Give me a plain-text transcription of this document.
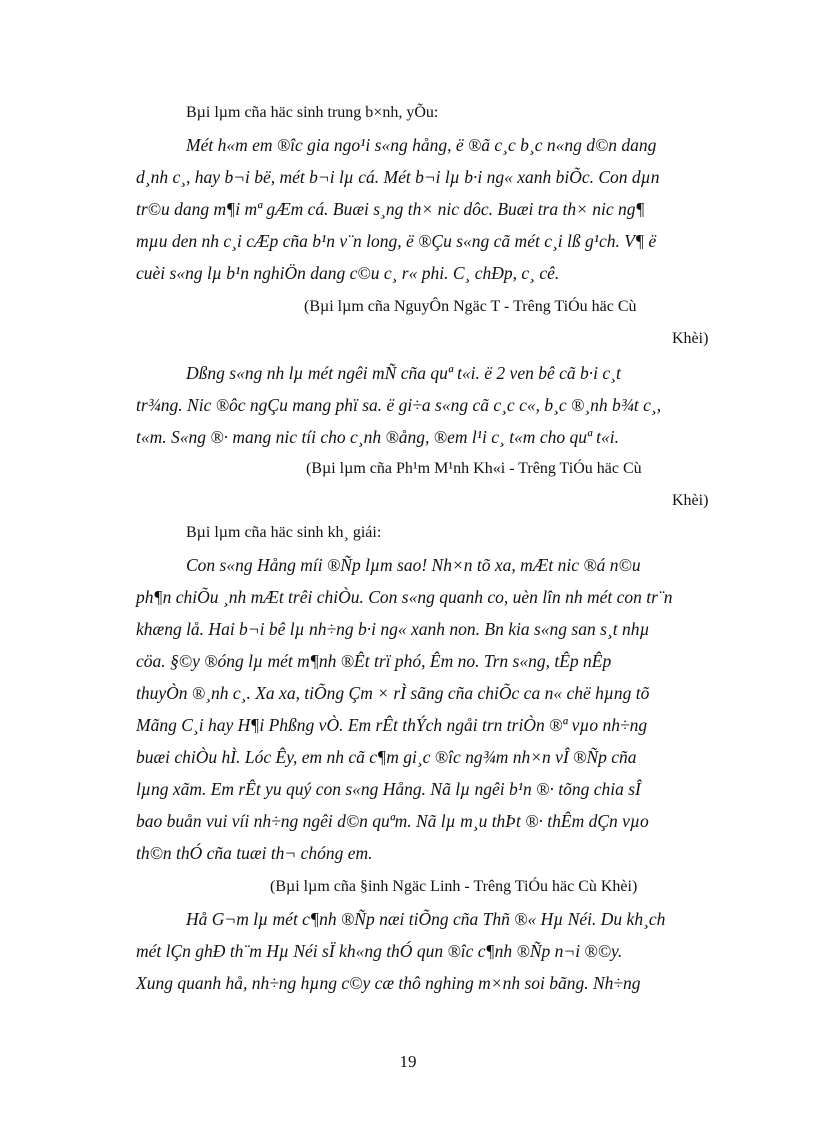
Bµi lµm cña häc sinh trung b×nh, yÕu:
Mét h«m em ®îc gia ngo¹i s«ng hång, ë ®ã c¸c b¸c n«ng d©n dang
d¸nh c¸, hay b¬i bë, mét b¬i lµ cá. Mét b¬i lµ b·i ng« xanh biÕc. Con dµn
tr©u dang m¶i mª gÆm cá. Buæi s¸ng th× nic dôc. Buæi tra th× nic ng¶
mµu den nh c¸i cÆp cña b¹n v¨n long, ë ®Çu s«ng cã mét c¸i lß g¹ch. V¶ ë
cuèi s«ng lµ b¹n nghiÖn dang c©u c¸ r« phi. C¸ chÐp, c¸ cê.
(Bµi lµm cña NguyÔn Ngäc T - Trêng TiÓu häc Cù
Khèi)
Dßng s«ng nh lµ mét ngêi mÑ cña quª t«i. ë 2 ven bê cã b·i c¸t
tr¾ng. Nic ®ôc ngÇu mang phï sa. ë gi÷a s«ng cã c¸c c«, b¸c ®¸nh b¾t c¸,
t«m. S«ng ®· mang nic tíi cho c¸nh ®ång, ®em l¹i c¸ t«m cho quª t«i.
(Bµi lµm cña Ph¹m M¹nh Kh«i - Trêng TiÓu häc Cù
Khèi)
Bµi lµm cña häc sinh kh¸ giái:
Con s«ng Hång míi ®Ñp lµm sao! Nh×n tõ xa, mÆt nic ®á n©u
ph¶n chiÕu ¸nh mÆt trêi chiÒu. Con s«ng quanh co, uèn lîn nh mét con tr¨n
khæng lå. Hai b¬i bê lµ nh÷ng b·i ng« xanh non. Bn kia s«ng san s¸t nhµ
cöa. §©y ®óng lµ mét m¶nh ®Êt trï phó, Êm no. Trn s«ng, tÊp nÊp
thuyÒn ®¸nh c¸. Xa xa, tiÕng Çm × rÌ sãng cña chiÕc ca n« chë hµng tõ
Mãng C¸i hay H¶i Phßng vÒ. Em rÊt thÝch ngåi trn triÒn ®ª vµo nh÷ng
buæi chiÒu hÌ. Lóc Êy, em nh cã c¶m gi¸c ®îc ng¾m nh×n vÎ ®Ñp cña
lµng xãm. Em rÊt yu quý con s«ng Hång. Nã lµ ngêi b¹n ®· tõng chia sÎ
bao buån vui víi nh÷ng ngêi d©n quªm. Nã lµ m¸u thÞt ®· thÊm dÇn vµo
th©n thÓ cña tuæi th¬ chóng em.
(Bµi lµm cña §inh Ngäc Linh - Trêng TiÓu häc Cù Khèi)
Hå G¬m lµ mét c¶nh ®Ñp næi tiÕng cña Thñ ®« Hµ Néi. Du kh¸ch
mét lÇn ghÐ th¨m Hµ Néi sÏ kh«ng thÓ qun ®îc c¶nh ®Ñp n¬i ®©y.
Xung quanh hå, nh÷ng hµng c©y cæ thô nghing m×nh soi bãng. Nh÷ng
19
